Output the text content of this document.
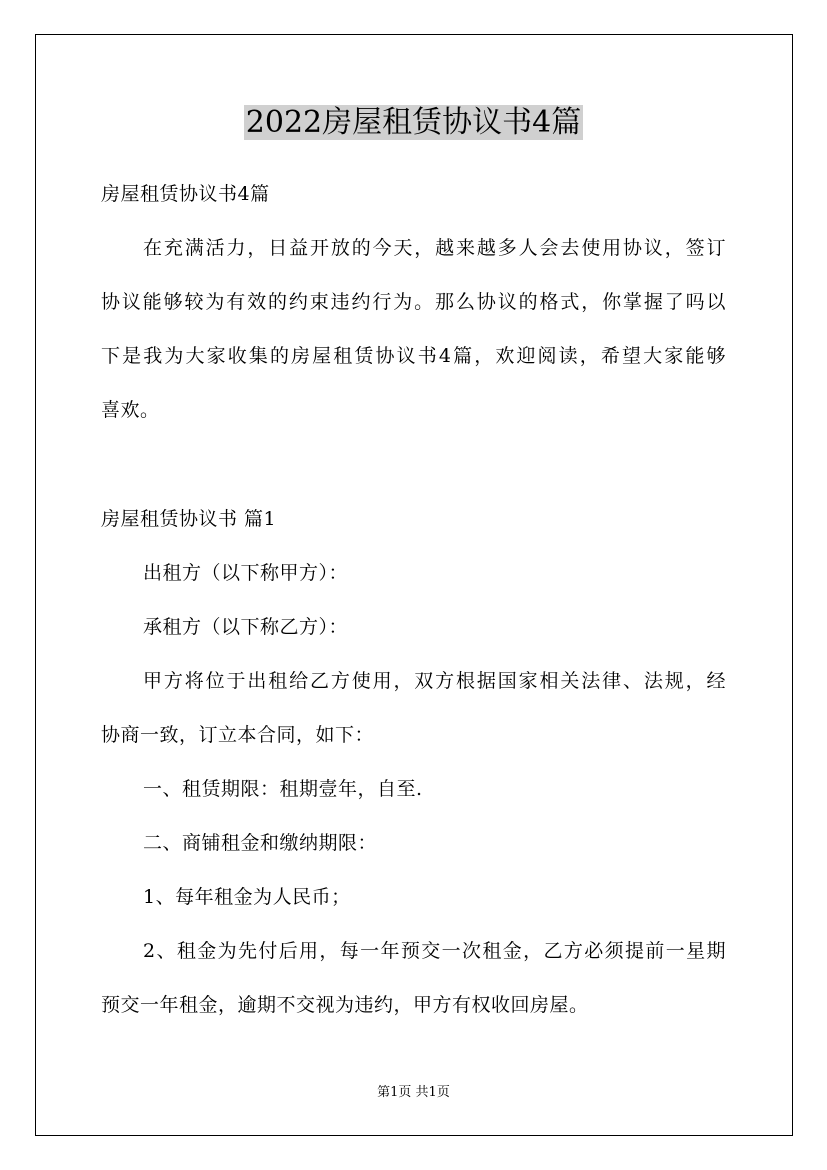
2022房屋租赁协议书4篇
房屋租赁协议书4篇
在充满活力，日益开放的今天，越来越多人会去使用协议，签订
协议能够较为有效的约束违约行为。那么协议的格式，你掌握了吗以
下是我为大家收集的房屋租赁协议书4篇，欢迎阅读，希望大家能够
喜欢。
房屋租赁协议书 篇1
出租方（以下称甲方）：
承租方（以下称乙方）：
甲方将位于出租给乙方使用，双方根据国家相关法律、法规，经
协商一致，订立本合同，如下：
一、租赁期限：租期壹年，自至.
二、商铺租金和缴纳期限：
1、每年租金为人民币；
2、租金为先付后用，每一年预交一次租金，乙方必须提前一星期
预交一年租金，逾期不交视为违约，甲方有权收回房屋。
第1页 共1页
